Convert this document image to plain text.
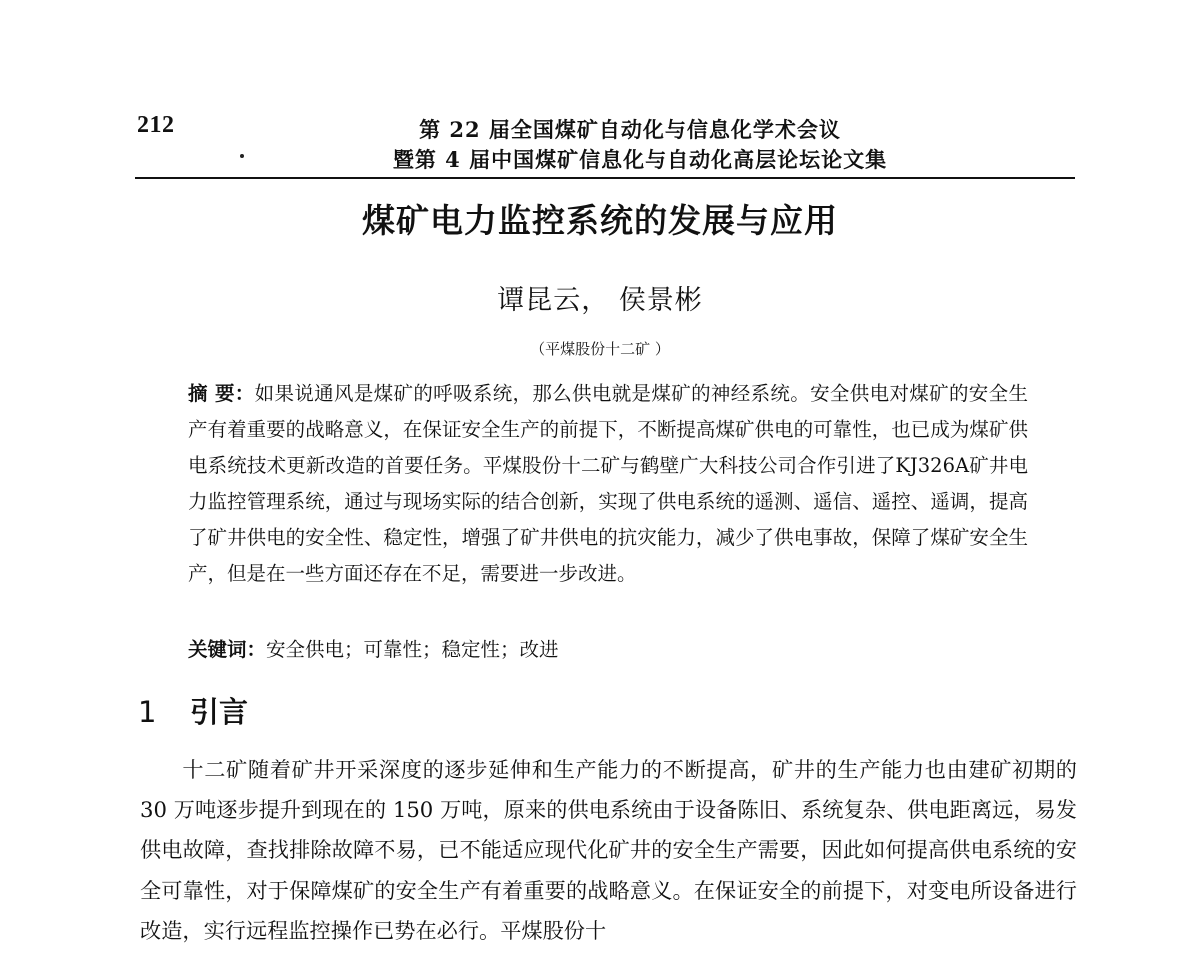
212	第 22 届全国煤矿自动化与信息化学术会议
暨第 4 届中国煤矿信息化与自动化高层论坛论文集
煤矿电力监控系统的发展与应用
谭昆云， 侯景彬
（平煤股份十二矿 ）
摘 要：如果说通风是煤矿的呼吸系统，那么供电就是煤矿的神经系统。安全供电对煤矿的安全生产有着重要的战略意义，在保证安全生产的前提下，不断提高煤矿供电的可靠性，也已成为煤矿供电系统技术更新改造的首要任务。平煤股份十二矿与鹤壁广大科技公司合作引进了KJ326A矿井电力监控管理系统，通过与现场实际的结合创新，实现了供电系统的遥测、遥信、遥控、遥调，提高了矿井供电的安全性、稳定性，增强了矿井供电的抗灾能力，减少了供电事故，保障了煤矿安全生产，但是在一些方面还存在不足，需要进一步改进。
关键词：安全供电；可靠性；稳定性；改进
1 引言
十二矿随着矿井开采深度的逐步延伸和生产能力的不断提高，矿井的生产能力也由建矿初期的 30 万吨逐步提升到现在的 150 万吨，原来的供电系统由于设备陈旧、系统复杂、供电距离远，易发供电故障，查找排除故障不易，已不能适应现代化矿井的安全生产需要，因此如何提高供电系统的安全可靠性，对于保障煤矿的安全生产有着重要的战略意义。在保证安全的前提下，对变电所设备进行改造，实行远程监控操作已势在必行。平煤股份十
